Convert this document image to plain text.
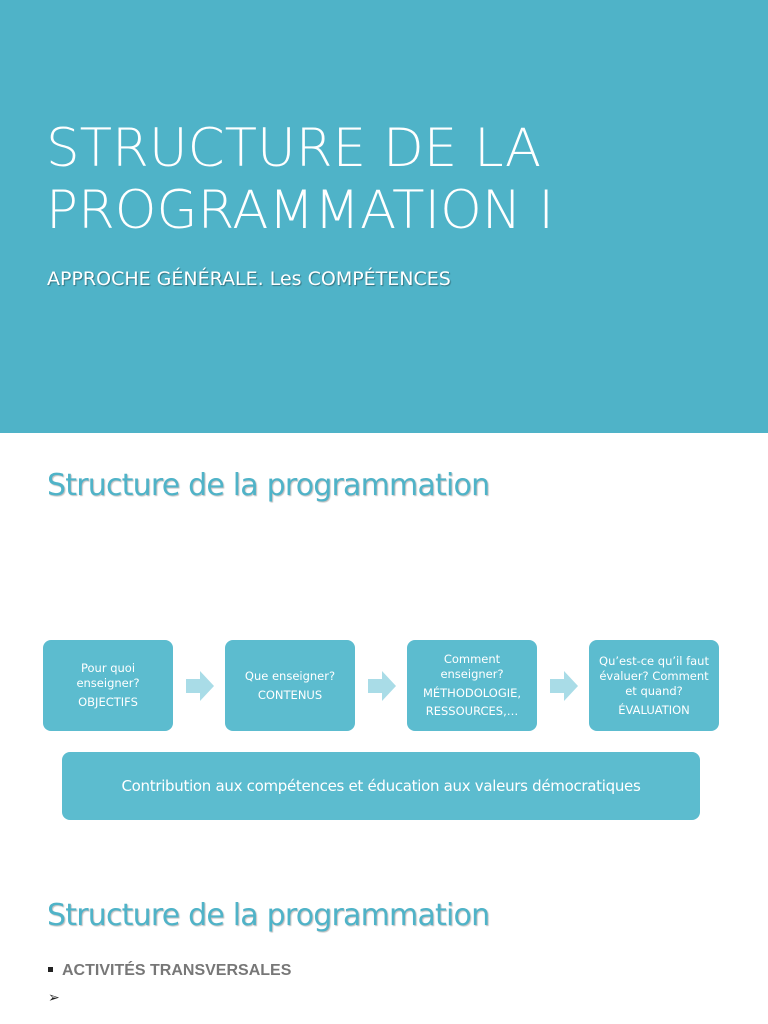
STRUCTURE DE LA
PROGRAMMATION I
APPROCHE GÉNÉRALE. Les COMPÉTENCES
Structure de la programmation
Pour quoi enseigner?
OBJECTIFS
Que enseigner?
CONTENUS
Comment enseigner?
MÉTHODOLOGIE,
RESSOURCES,…
Qu’est-ce qu’il faut évaluer? Comment et quand?
ÉVALUATION
Contribution aux compétences et éducation aux valeurs démocratiques
Structure de la programmation
ACTIVITÉS TRANSVERSALES
➢
